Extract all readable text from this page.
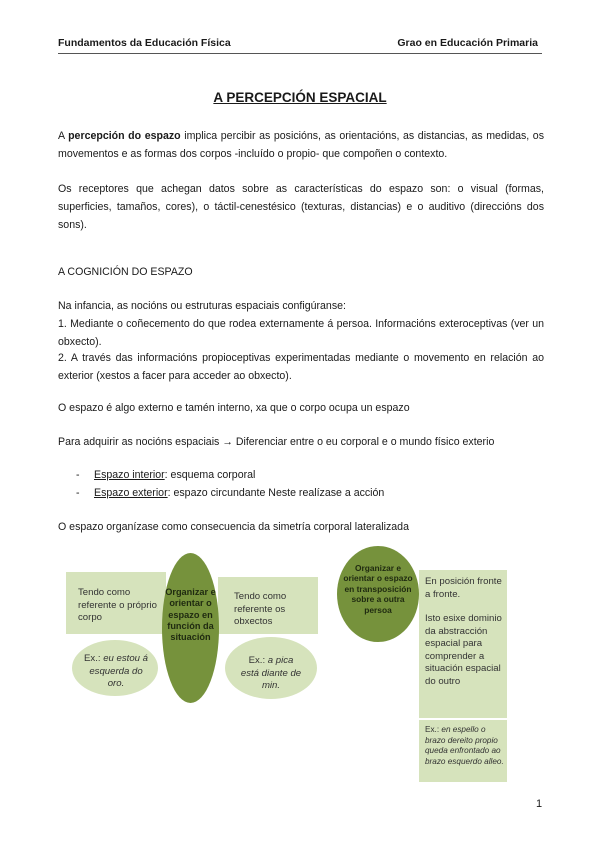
Fundamentos da Educación Física	Grao en Educación Primaria
A PERCEPCIÓN ESPACIAL
A percepción do espazo implica percibir as posicións, as orientacións, as distancias, as medidas, os movementos e as formas dos corpos -incluído o propio- que compoñen o contexto.
Os receptores que achegan datos sobre as características do espazo son: o visual (formas, superficies, tamaños, cores), o táctil-cenestésico (texturas, distancias) e o auditivo (direccións dos sons).
A COGNICIÓN DO ESPAZO
Na infancia, as nocións ou estruturas espaciais configúranse:
1. Mediante o coñecemento do que rodea externamente á persoa. Informacións exteroceptivas (ver un obxecto).
2. A través das informacións propioceptivas experimentadas mediante o movemento en relación ao exterior (xestos a facer para acceder ao obxecto).
O espazo é algo externo e tamén interno, xa que o corpo ocupa un espazo
Para adquirir as nocións espaciais → Diferenciar entre o eu corporal e o mundo físico exterio
- Espazo interior: esquema corporal
- Espazo exterior: espazo circundante Neste realízase a acción
O espazo organízase como consecuencia da simetría corporal lateralizada
Tendo como referente o próprio corpo
Tendo como referente os obxectos
Ex.: eu estou á esquerda do oro.
Ex.: a pica está diante de min.
Organizar e orientar o espazo en función da situación
En posición fronte a fronte.
Isto esixe dominio da abstracción espacial para comprender a situación espacial do outro
Ex.: en espello o brazo dereito propio queda enfrontado ao brazo esquerdo alleo.
Organizar e orientar o espazo en transposición sobre a outra persoa
1
